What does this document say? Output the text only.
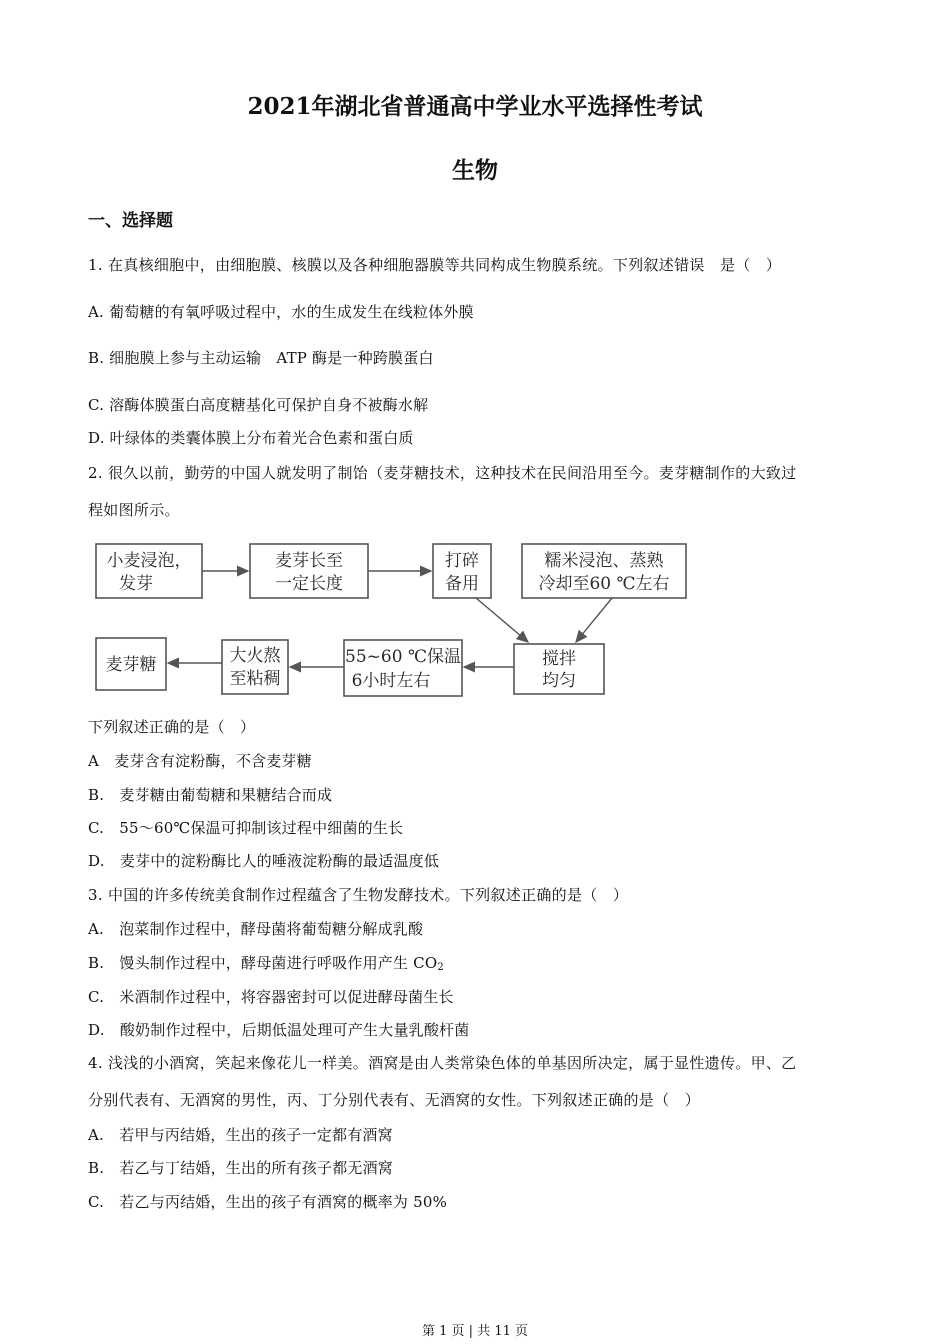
2021年湖北省普通高中学业水平选择性考试
生物
一、选择题
1. 在真核细胞中，由细胞膜、核膜以及各种细胞器膜等共同构成生物膜系统。下列叙述错误　是（　）
A. 葡萄糖的有氧呼吸过程中，水的生成发生在线粒体外膜
B. 细胞膜上参与主动运输　ATP 酶是一种跨膜蛋白
C. 溶酶体膜蛋白高度糖基化可保护自身不被酶水解
D. 叶绿体的类囊体膜上分布着光合色素和蛋白质
2. 很久以前，勤劳的中国人就发明了制饴（麦芽糖技术，这种技术在民间沿用至今。麦芽糖制作的大致过
程如图所示。
小麦浸泡，
发芽
麦芽长至
一定长度
打碎
备用
糯米浸泡、蒸熟
冷却至60 ℃左右
搅拌
均匀
55~60 ℃保温
6小时左右
大火熬
至粘稠
麦芽糖
下列叙述正确的是（　）
A　麦芽含有淀粉酶，不含麦芽糖
B.　麦芽糖由葡萄糖和果糖结合而成
C.　55～60℃保温可抑制该过程中细菌的生长
D.　麦芽中的淀粉酶比人的唾液淀粉酶的最适温度低
3. 中国的许多传统美食制作过程蕴含了生物发酵技术。下列叙述正确的是（　）
A.　泡菜制作过程中，酵母菌将葡萄糖分解成乳酸
B.　馒头制作过程中，酵母菌进行呼吸作用产生 $CO_2$
C.　米酒制作过程中，将容器密封可以促进酵母菌生长
D.　酸奶制作过程中，后期低温处理可产生大量乳酸杆菌
4. 浅浅的小酒窝，笑起来像花儿一样美。酒窝是由人类常染色体的单基因所决定，属于显性遗传。甲、乙
分别代表有、无酒窝的男性，丙、丁分别代表有、无酒窝的女性。下列叙述正确的是（　）
A.　若甲与丙结婚，生出的孩子一定都有酒窝
B.　若乙与丁结婚，生出的所有孩子都无酒窝
C.　若乙与丙结婚，生出的孩子有酒窝的概率为 50%
第 1 页 | 共 11 页
